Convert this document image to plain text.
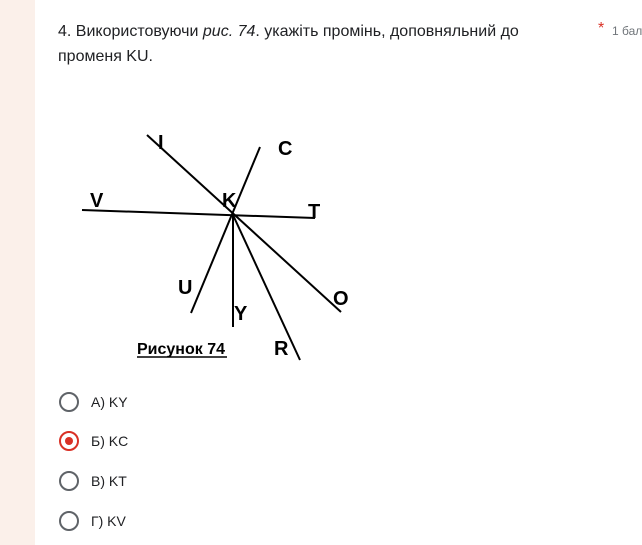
4. Використовуючи рис. 74. укажіть промінь, доповняльний до променя KU.
* 1 бал
I	C
V	K	T
U	O
Y
R
Рисунок 74
А) KY
Б) KC
В) KT
Г) KV
